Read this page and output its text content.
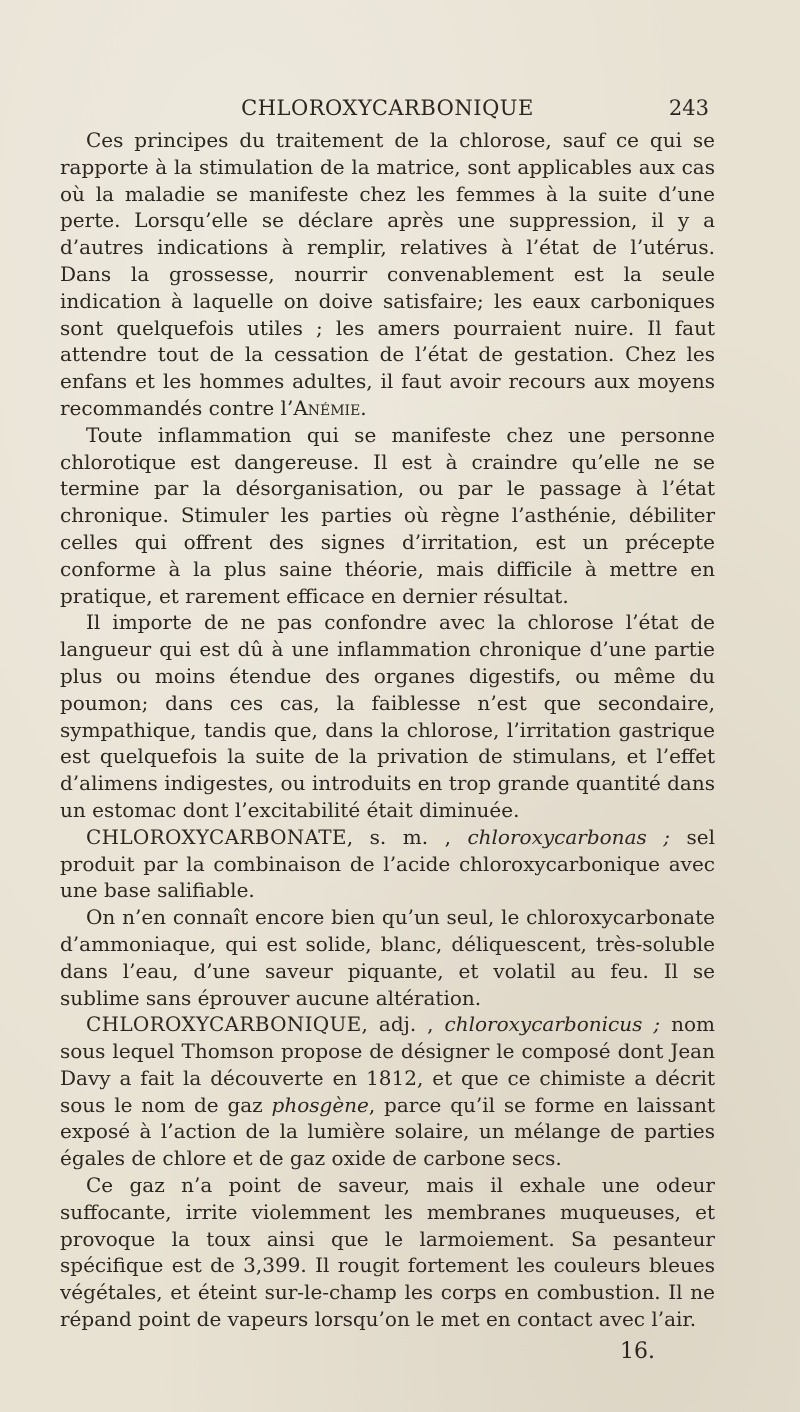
CHLOROXYCARBONIQUE	243

Ces principes du traitement de la chlorose, sauf ce qui se rapporte à la stimulation de la matrice, sont applicables aux cas où la maladie se manifeste chez les femmes à la suite d’une perte. Lorsqu’elle se déclare après une suppression, il y a d’autres indications à remplir, relatives à l’état de l’utérus. Dans la grossesse, nourrir convenablement est la seule indication à laquelle on doive satisfaire; les eaux carboniques sont quelquefois utiles ; les amers pourraient nuire. Il faut attendre tout de la cessation de l’état de gestation. Chez les enfans et les hommes adultes, il faut avoir recours aux moyens recommandés contre l’Anémie.

Toute inflammation qui se manifeste chez une personne chlorotique est dangereuse. Il est à craindre qu’elle ne se termine par la désorganisation, ou par le passage à l’état chronique. Stimuler les parties où règne l’asthénie, débiliter celles qui offrent des signes d’irritation, est un précepte conforme à la plus saine théorie, mais difficile à mettre en pratique, et rarement efficace en dernier résultat.

Il importe de ne pas confondre avec la chlorose l’état de langueur qui est dû à une inflammation chronique d’une partie plus ou moins étendue des organes digestifs, ou même du poumon; dans ces cas, la faiblesse n’est que secondaire, sympathique, tandis que, dans la chlorose, l’irritation gastrique est quelquefois la suite de la privation de stimulans, et l’effet d’alimens indigestes, ou introduits en trop grande quantité dans un estomac dont l’excitabilité était diminuée.

CHLOROXYCARBONATE, s. m. , chloroxycarbonas ; sel produit par la combinaison de l’acide chloroxycarbonique avec une base salifiable.

On n’en connaît encore bien qu’un seul, le chloroxycarbonate d’ammoniaque, qui est solide, blanc, déliquescent, très-soluble dans l’eau, d’une saveur piquante, et volatil au feu. Il se sublime sans éprouver aucune altération.

CHLOROXYCARBONIQUE, adj. , chloroxycarbonicus ; nom sous lequel Thomson propose de désigner le composé dont Jean Davy a fait la découverte en 1812, et que ce chimiste a décrit sous le nom de gaz phosgène, parce qu’il se forme en laissant exposé à l’action de la lumière solaire, un mélange de parties égales de chlore et de gaz oxide de carbone secs.

Ce gaz n’a point de saveur, mais il exhale une odeur suffocante, irrite violemment les membranes muqueuses, et provoque la toux ainsi que le larmoiement. Sa pesanteur spécifique est de 3,399. Il rougit fortement les couleurs bleues végétales, et éteint sur-le-champ les corps en combustion. Il ne répand point de vapeurs lorsqu’on le met en contact avec l’air.

16.
